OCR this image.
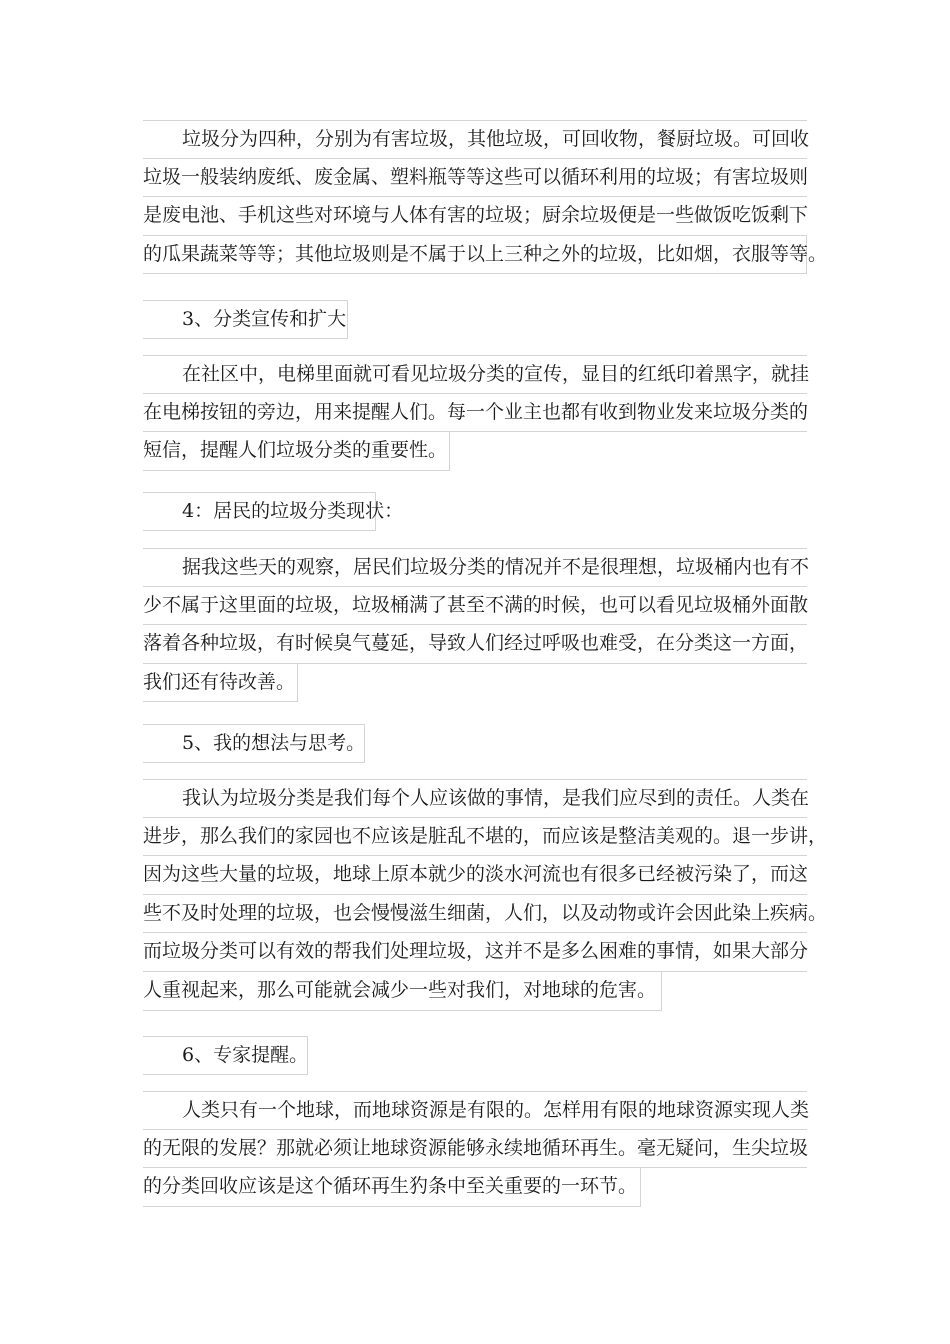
垃圾分为四种，分别为有害垃圾，其他垃圾，可回收物，餐厨垃圾。可回收
垃圾一般装纳废纸、废金属、塑料瓶等等这些可以循环利用的垃圾；有害垃圾则
是废电池、手机这些对环境与人体有害的垃圾；厨余垃圾便是一些做饭吃饭剩下
的瓜果蔬菜等等；其他垃圾则是不属于以上三种之外的垃圾，比如烟，衣服等等。
3、分类宣传和扩大
在社区中，电梯里面就可看见垃圾分类的宣传，显目的红纸印着黑字，就挂
在电梯按钮的旁边，用来提醒人们。每一个业主也都有收到物业发来垃圾分类的
短信，提醒人们垃圾分类的重要性。
4：居民的垃圾分类现状：
据我这些天的观察，居民们垃圾分类的情况并不是很理想，垃圾桶内也有不
少不属于这里面的垃圾，垃圾桶满了甚至不满的时候，也可以看见垃圾桶外面散
落着各种垃圾，有时候臭气蔓延，导致人们经过呼吸也难受，在分类这一方面，
我们还有待改善。
5、我的想法与思考。
我认为垃圾分类是我们每个人应该做的事情，是我们应尽到的责任。人类在
进步，那么我们的家园也不应该是脏乱不堪的，而应该是整洁美观的。退一步讲，
因为这些大量的垃圾，地球上原本就少的淡水河流也有很多已经被污染了，而这
些不及时处理的垃圾，也会慢慢滋生细菌，人们，以及动物或许会因此染上疾病。
而垃圾分类可以有效的帮我们处理垃圾，这并不是多么困难的事情，如果大部分
人重视起来，那么可能就会减少一些对我们，对地球的危害。
6、专家提醒。
人类只有一个地球，而地球资源是有限的。怎样用有限的地球资源实现人类
的无限的发展？那就必须让地球资源能够永续地循环再生。毫无疑问，生尖垃圾
的分类回收应该是这个循环再生犳条中至关重要的一环节。
